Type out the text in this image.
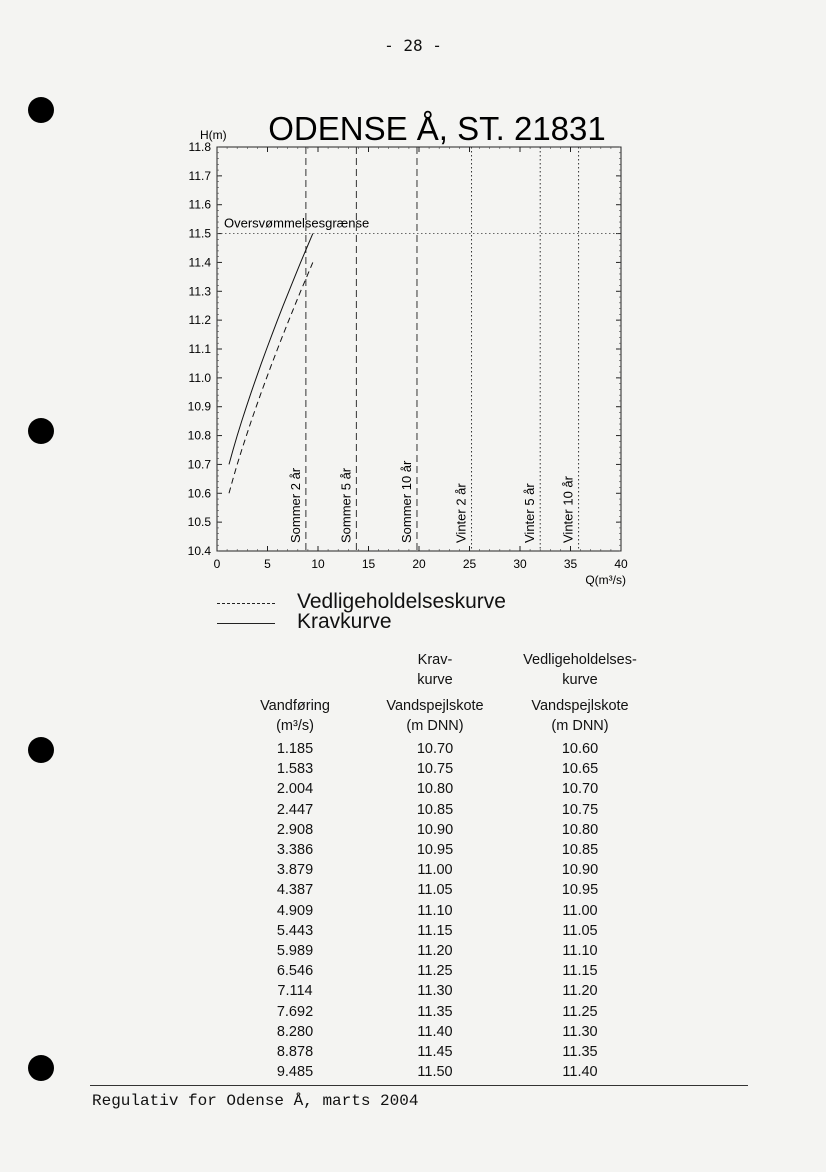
- 28 -
ODENSE Å, ST. 21831
H(m)
Q(m³/s)
10.4
10.5
10.6
10.7
10.8
10.9
11.0
11.1
11.2
11.3
11.4
11.5
11.6
11.7
11.8
0	5	10	15	20	25	30	35	40
Oversvømmelsesgrænse
Sommer 2 år	Sommer 5 år	Sommer 10 år	Vinter 2 år	Vinter 5 år Vinter 10 år
Vedligeholdelseskurve
Kravkurve
Krav-
kurve
Vedligeholdelses-
kurve
Vandføring
(m³/s)
Vandspejlskote
(m DNN)
Vandspejlskote
(m DNN)
1.185	10.70	10.60
1.583	10.75	10.65
2.004	10.80	10.70
2.447	10.85	10.75
2.908	10.90	10.80
3.386	10.95	10.85
3.879	11.00	10.90
4.387	11.05	10.95
4.909	11.10	11.00
5.443	11.15	11.05
5.989	11.20	11.10
6.546	11.25	11.15
7.114	11.30	11.20
7.692	11.35	11.25
8.280	11.40	11.30
8.878	11.45	11.35
9.485	11.50	11.40
Regulativ for Odense Å, marts 2004
